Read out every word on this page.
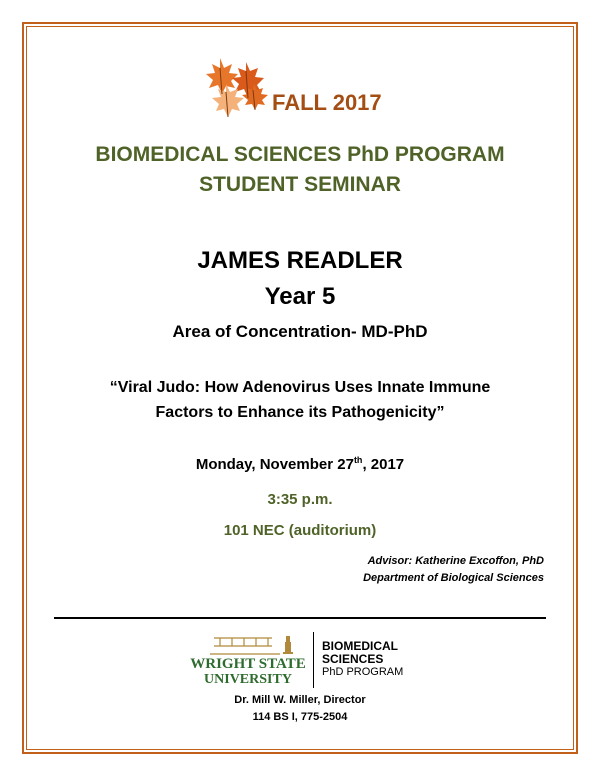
FALL 2017
BIOMEDICAL SCIENCES PhD PROGRAM
STUDENT SEMINAR
JAMES READLER
Year 5
Area of Concentration- MD-PhD
“Viral Judo: How Adenovirus Uses Innate Immune
Factors to Enhance its Pathogenicity”
Monday, November 27th, 2017
3:35 p.m.
101 NEC (auditorium)
Advisor: Katherine Excoffon, PhD
Department of Biological Sciences
WRIGHT STATE
UNIVERSITY
BIOMEDICAL
SCIENCES
PhD PROGRAM
Dr. Mill W. Miller, Director
114 BS I, 775-2504
